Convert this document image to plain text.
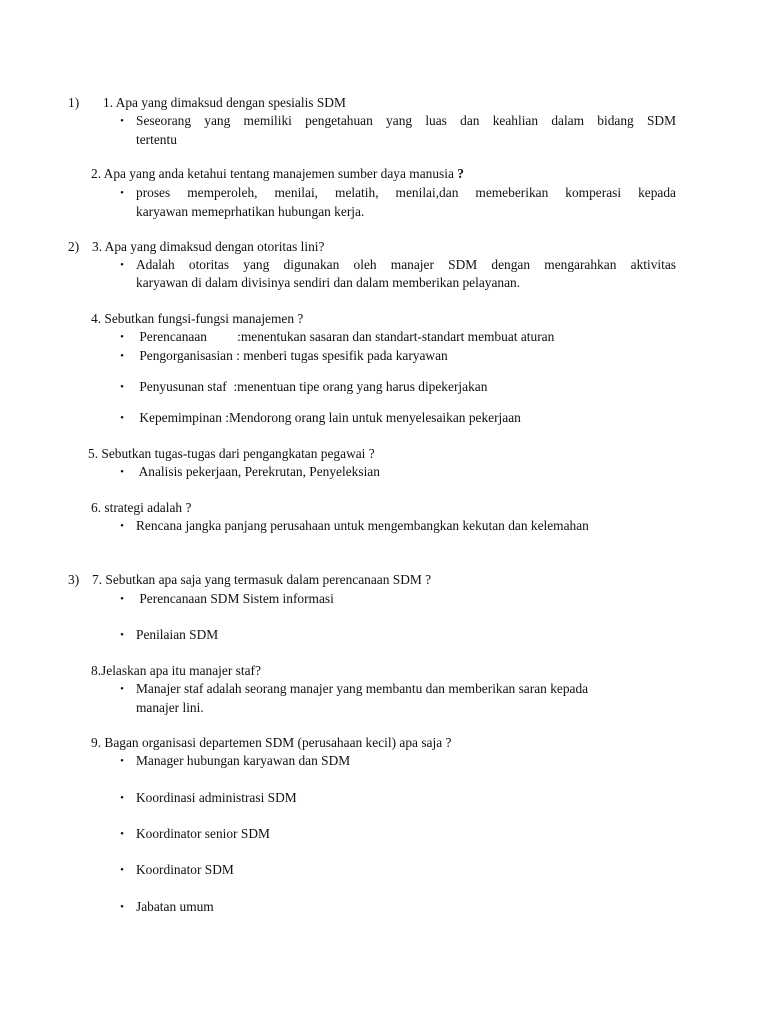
1) 1. Apa yang dimaksud dengan spesialis SDM
• Seseorang yang memiliki pengetahuan yang luas dan keahlian dalam bidang SDM
tertentu
2. Apa yang anda ketahui tentang manajemen sumber daya manusia ?
• proses memperoleh, menilai, melatih, menilai,dan memeberikan komperasi kepada
karyawan memeprhatikan hubungan kerja.
2) 3. Apa yang dimaksud dengan otoritas lini?
• Adalah otoritas yang digunakan oleh manajer SDM dengan mengarahkan aktivitas
karyawan di dalam divisinya sendiri dan dalam memberikan pelayanan.
4. Sebutkan fungsi-fungsi manajemen ?
• Perencanaan         :menentukan sasaran dan standart-standart membuat aturan
• Pengorganisasian : menberi tugas spesifik pada karyawan
• Penyusunan staf  :menentuan tipe orang yang harus dipekerjakan
• Kepemimpinan :Mendorong orang lain untuk menyelesaikan pekerjaan
5. Sebutkan tugas-tugas dari pengangkatan pegawai ?
• Analisis pekerjaan, Perekrutan, Penyeleksian
6. strategi adalah ?
• Rencana jangka panjang perusahaan untuk mengembangkan kekutan dan kelemahan
3) 7. Sebutkan apa saja yang termasuk dalam perencanaan SDM ?
• Perencanaan SDM Sistem informasi
• Penilaian SDM
8.Jelaskan apa itu manajer staf?
• Manajer staf adalah seorang manajer yang membantu dan memberikan saran kepada
manajer lini.
9. Bagan organisasi departemen SDM (perusahaan kecil) apa saja ?
• Manager hubungan karyawan dan SDM
• Koordinasi administrasi SDM
• Koordinator senior SDM
• Koordinator SDM
• Jabatan umum
